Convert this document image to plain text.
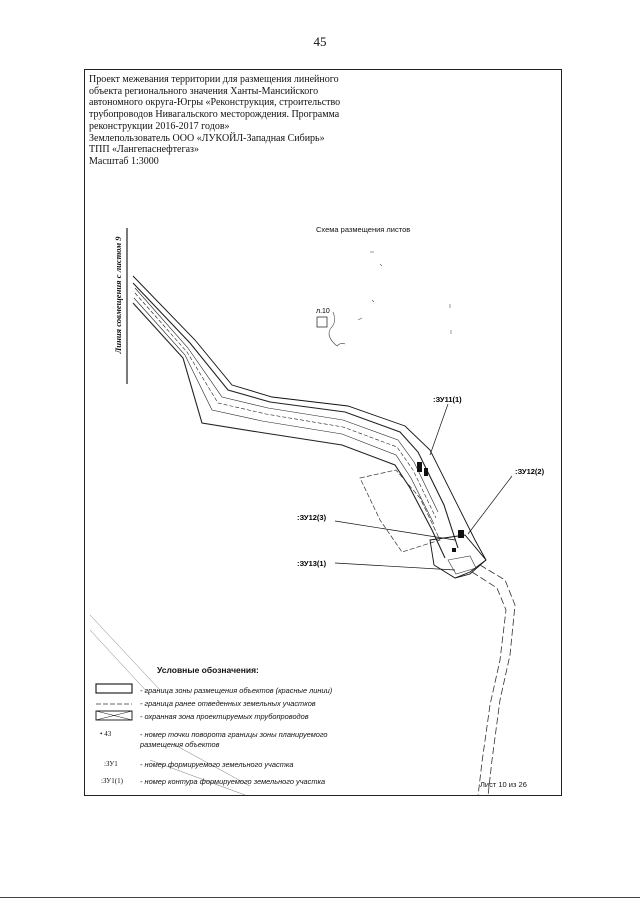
45
Проект межевания территории для размещения линейного
объекта регионального значения Ханты-Мансийского
автономного округа-Югры «Реконструкция, строительство
трубопроводов Нивагальского месторождения. Программа
реконструкции 2016-2017 годов»
Землепользователь ООО «ЛУКОЙЛ-Западная Сибирь»
ТПП «Лангепаснефтегаз»
Масштаб 1:3000
Линия совмещения с листом 9
Схема размещения листов
л.10
:ЗУ11(1)
:ЗУ12(2)
:ЗУ12(3)
:ЗУ13(1)
Условные обозначения:
- граница зоны размещения объектов (красные линии)
- граница ранее отведенных земельных участков
- охранная зона проектируемых трубопроводов
• 43	- номер точки поворота границы зоны планируемого
размещения объектов
:ЗУ1	- номер формируемого земельного участка
:ЗУ1(1) - номер контура формируемого земельного участка	Лист 10 из 26
